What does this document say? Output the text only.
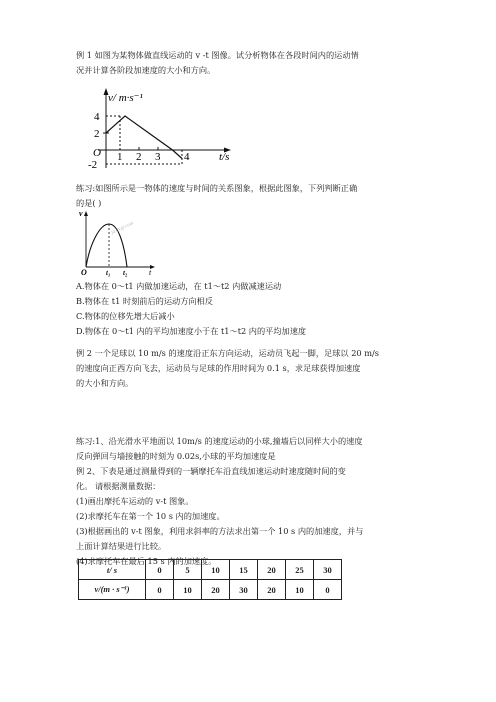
例 1 如图为某物体做直线运动的 v -t 图像。试分析物体在各段时间内的运动情
况并计算各阶段加速度的大小和方向。
v/ m·s⁻¹
t/s
O
4
2
-2
1 2 3 4
练习:如图所示是一物体的速度与时间的关系图象，根据此图象，下列判断正确
的是( )
jd.dygl.com
v
t
O	t₁ t₂
A.物体在 0～t1 内做加速运动，在 t1～t2 内做减速运动
B.物体在 t1 时刻前后的运动方向相反
C.物体的位移先增大后减小
D.物体在 0～t1 内的平均加速度小于在 t1～t2 内的平均加速度
例 2 一个足球以 10 m/s 的速度沿正东方向运动，运动员飞起一脚，足球以 20 m/s
的速度向正西方向飞去，运动员与足球的作用时间为 0.1 s，求足球获得加速度
的大小和方向。
练习:1、沿光滑水平地面以 10m/s 的速度运动的小球,撞墙后以同样大小的速度
反向弹回与墙接触的时刻为 0.02s,小球的平均加速度是
例 2、下表是通过测量得到的一辆摩托车沿直线加速运动时速度随时间的变
化。 请根据测量数据：
(1)画出摩托车运动的 v-t 图象。
(2)求摩托车在第一个 10 s 内的加速度。
(3)根据画出的 v-t 图象，利用求斜率的方法求出第一个 10 s 内的加速度，并与
上面计算结果进行比较。
(4)求摩托车在最后 15 s 内的加速度。
t/ s	0	5	10	15	20	25	30
v/(m · s⁻¹)	0	10	20	30	20	10	0
